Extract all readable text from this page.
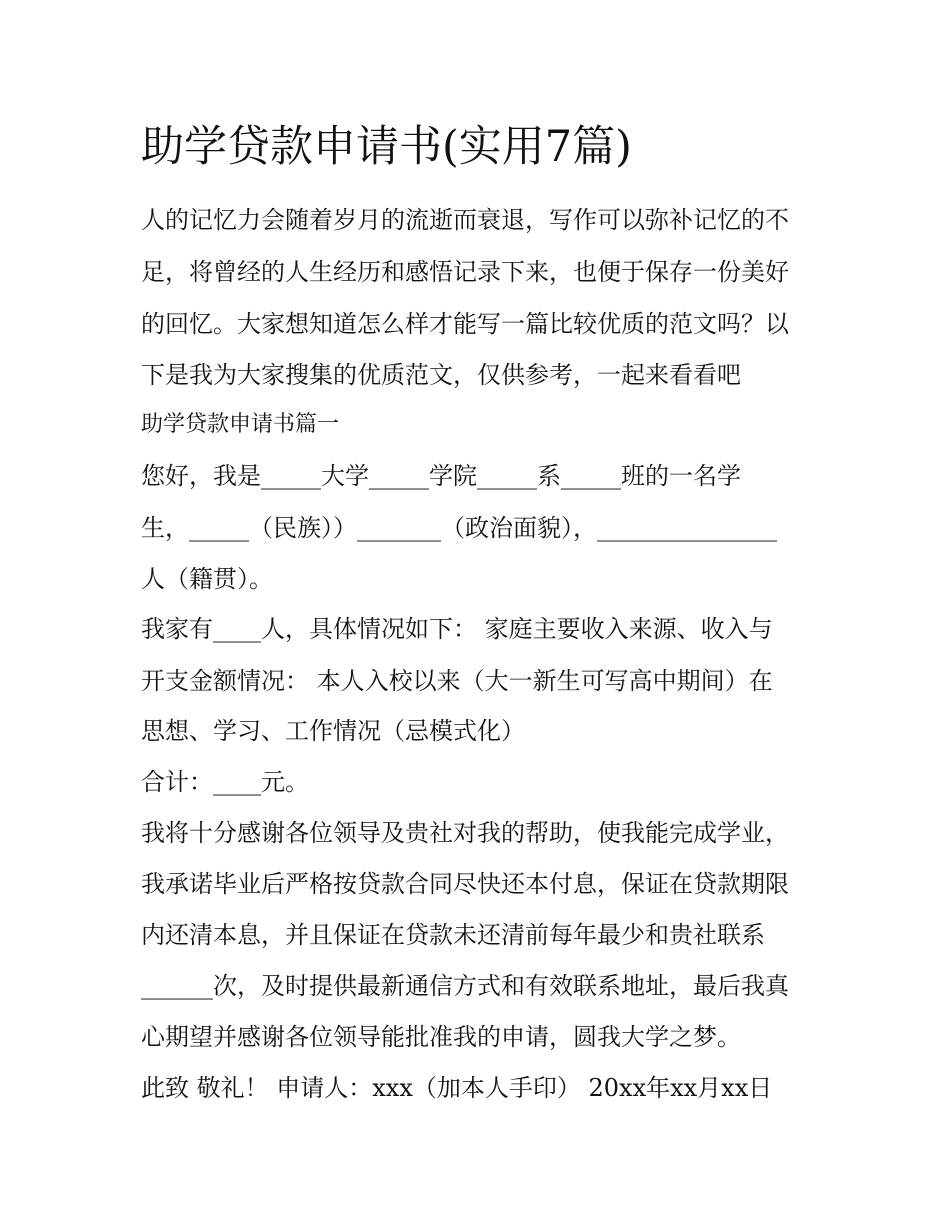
助学贷款申请书(实用7篇)

人的记忆力会随着岁月的流逝而衰退，写作可以弥补记忆的不

足，将曾经的人生经历和感悟记录下来，也便于保存一份美好

的回忆。大家想知道怎么样才能写一篇比较优质的范文吗？以

下是我为大家搜集的优质范文，仅供参考，一起来看看吧

助学贷款申请书篇一

您好，我是_____大学_____学院_____系_____班的一名学

生，_____（民族））_______（政治面貌），_______________

人（籍贯）。

我家有____人，具体情况如下： 家庭主要收入来源、收入与

开支金额情况： 本人入校以来（大一新生可写高中期间）在

思想、学习、工作情况（忌模式化）

合计：____元。

我将十分感谢各位领导及贵社对我的帮助，使我能完成学业，

我承诺毕业后严格按贷款合同尽快还本付息，保证在贷款期限

内还清本息，并且保证在贷款未还清前每年最少和贵社联系

______次，及时提供最新通信方式和有效联系地址，最后我真

心期望并感谢各位领导能批准我的申请，圆我大学之梦。

此致 敬礼！ 申请人：xxx（加本人手印） 20xx年xx月xx日
